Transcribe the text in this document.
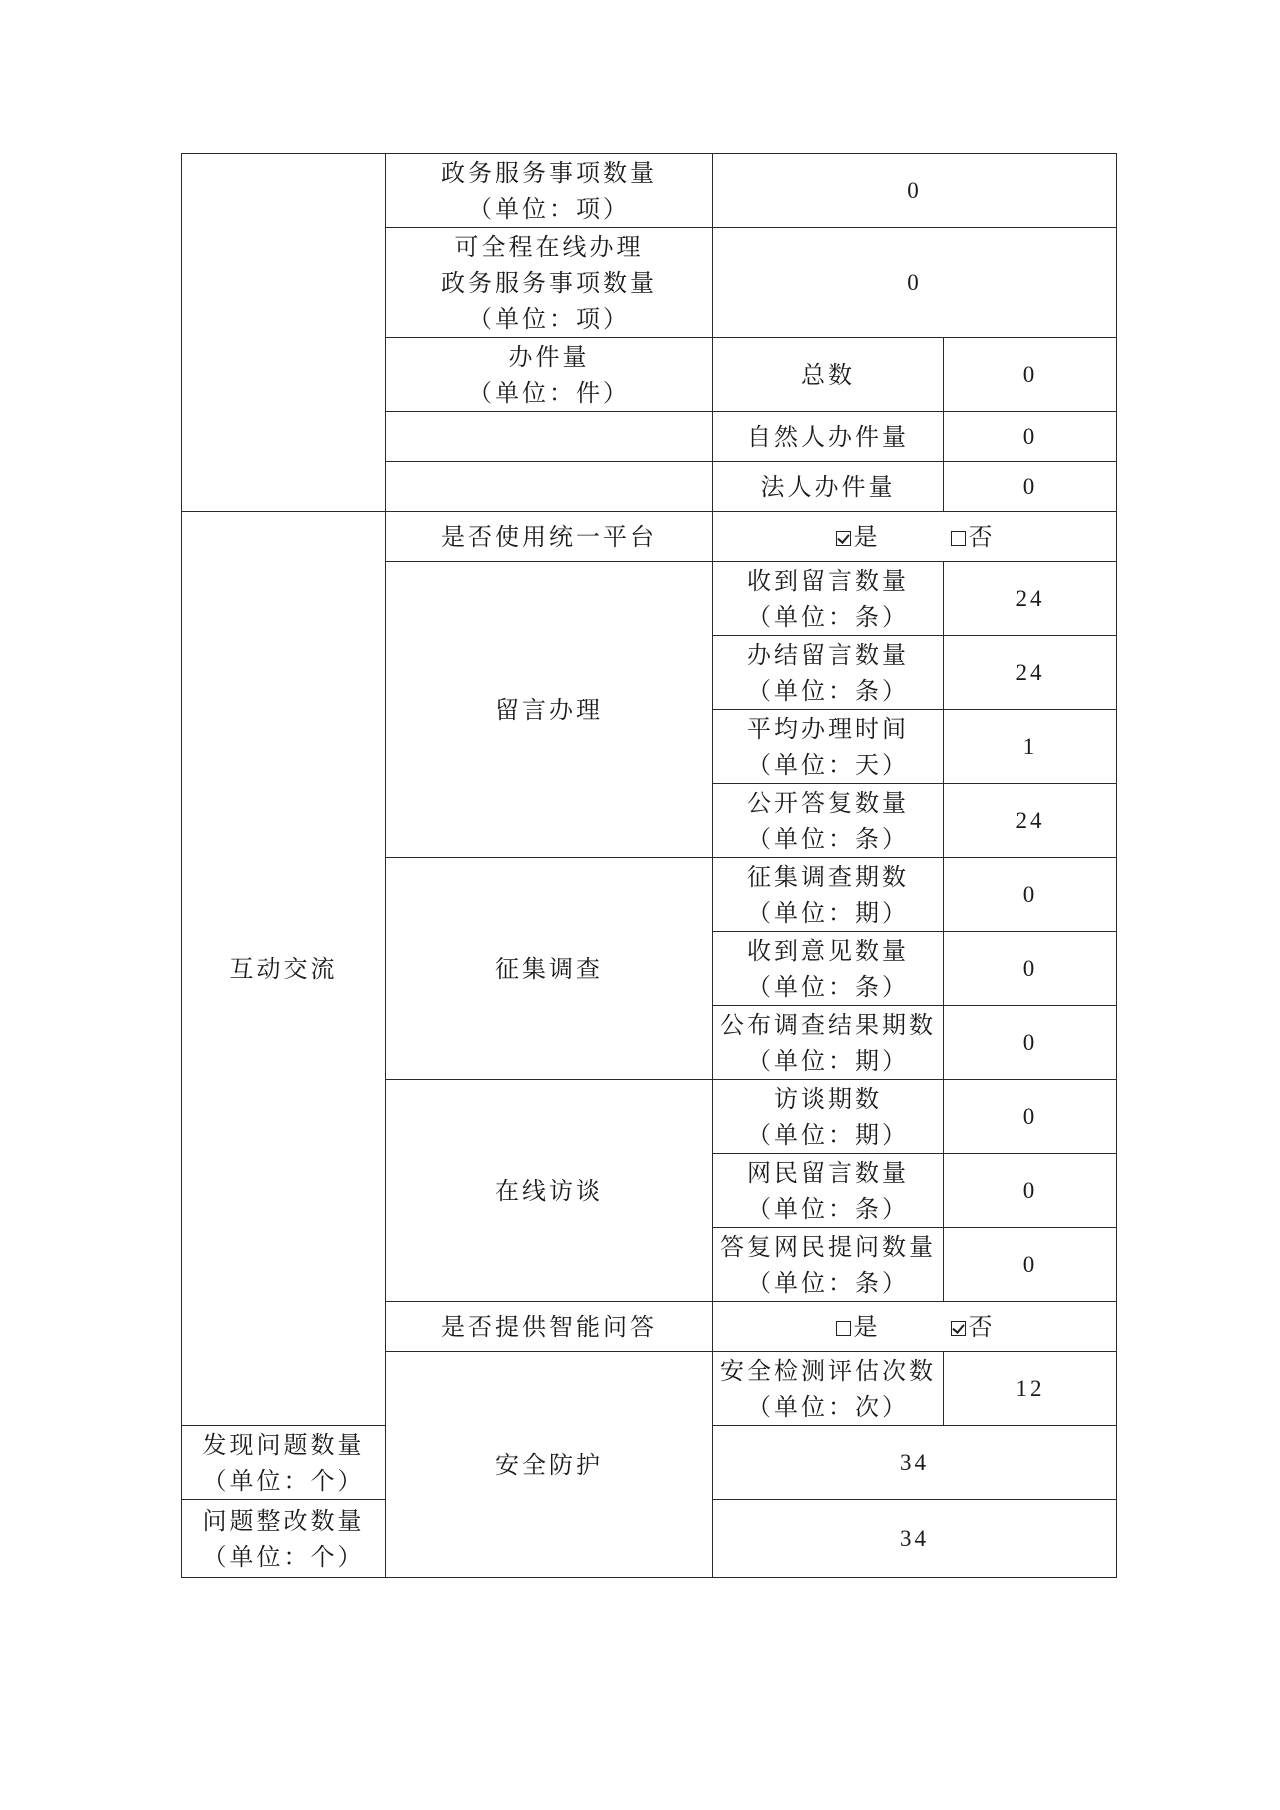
	政务服务事项数量
（单位：项）	0	

	可全程在线办理
政务服务事项数量
（单位：项）	0	

	办件量
（单位：件）	总数	0
		自然人办件量	0
		法人办件量	0
互动交流	是否使用统一平台	是 否	
	留言办理	收到留言数量
（单位：条）	24

		办结留言数量
（单位：条）	24

		平均办理时间
（单位：天）	1

		公开答复数量
（单位：条）	24
	征集调查	征集调查期数
（单位：期）	0

		收到意见数量
（单位：条）	0

		公布调查结果期数
（单位：期）	0
	在线访谈	访谈期数
（单位：期）	0

		网民留言数量
（单位：条）	0

		答复网民提问数量
（单位：条）	0
	是否提供智能问答	是 否	
	安全防护	安全检测评估次数
（单位：次）	12

发现问题数量
（单位：个）		34	

问题整改数量
（单位：个）		34	
